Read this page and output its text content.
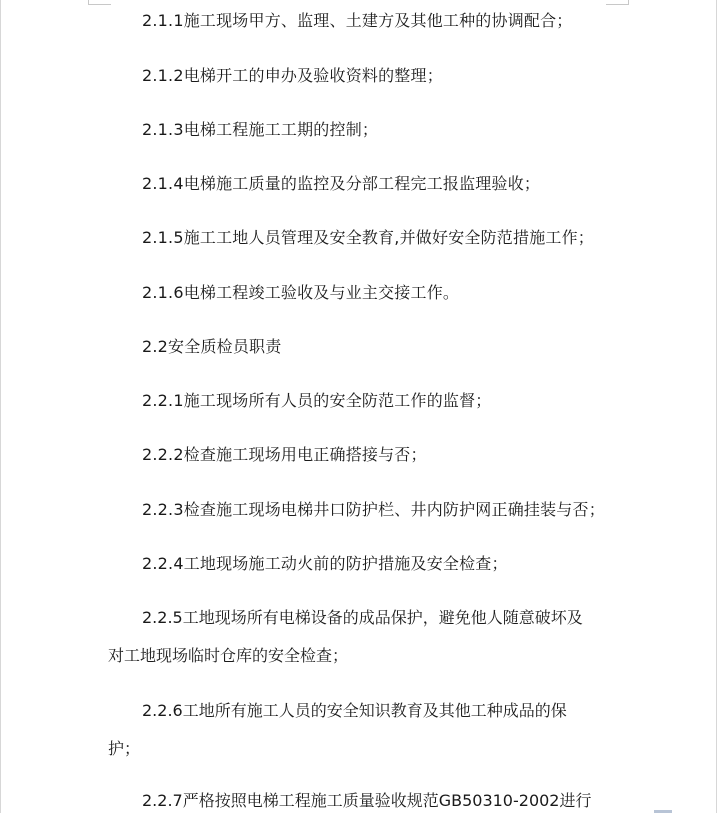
2.1.1施工现场甲方、监理、土建方及其他工种的协调配合；

2.1.2电梯开工的申办及验收资料的整理；

2.1.3电梯工程施工工期的控制；

2.1.4电梯施工质量的监控及分部工程完工报监理验收；

2.1.5施工工地人员管理及安全教育,并做好安全防范措施工作；

2.1.6电梯工程竣工验收及与业主交接工作。

2.2安全质检员职责

2.2.1施工现场所有人员的安全防范工作的监督；

2.2.2检查施工现场用电正确搭接与否；

2.2.3检查施工现场电梯井口防护栏、井内防护网正确挂装与否；

2.2.4工地现场施工动火前的防护措施及安全检查；

2.2.5工地现场所有电梯设备的成品保护，避免他人随意破坏及
对工地现场临时仓库的安全检查；
2.2.6工地所有施工人员的安全知识教育及其他工种成品的保
护；
2.2.7严格按照电梯工程施工质量验收规范GB50310-2002进行
